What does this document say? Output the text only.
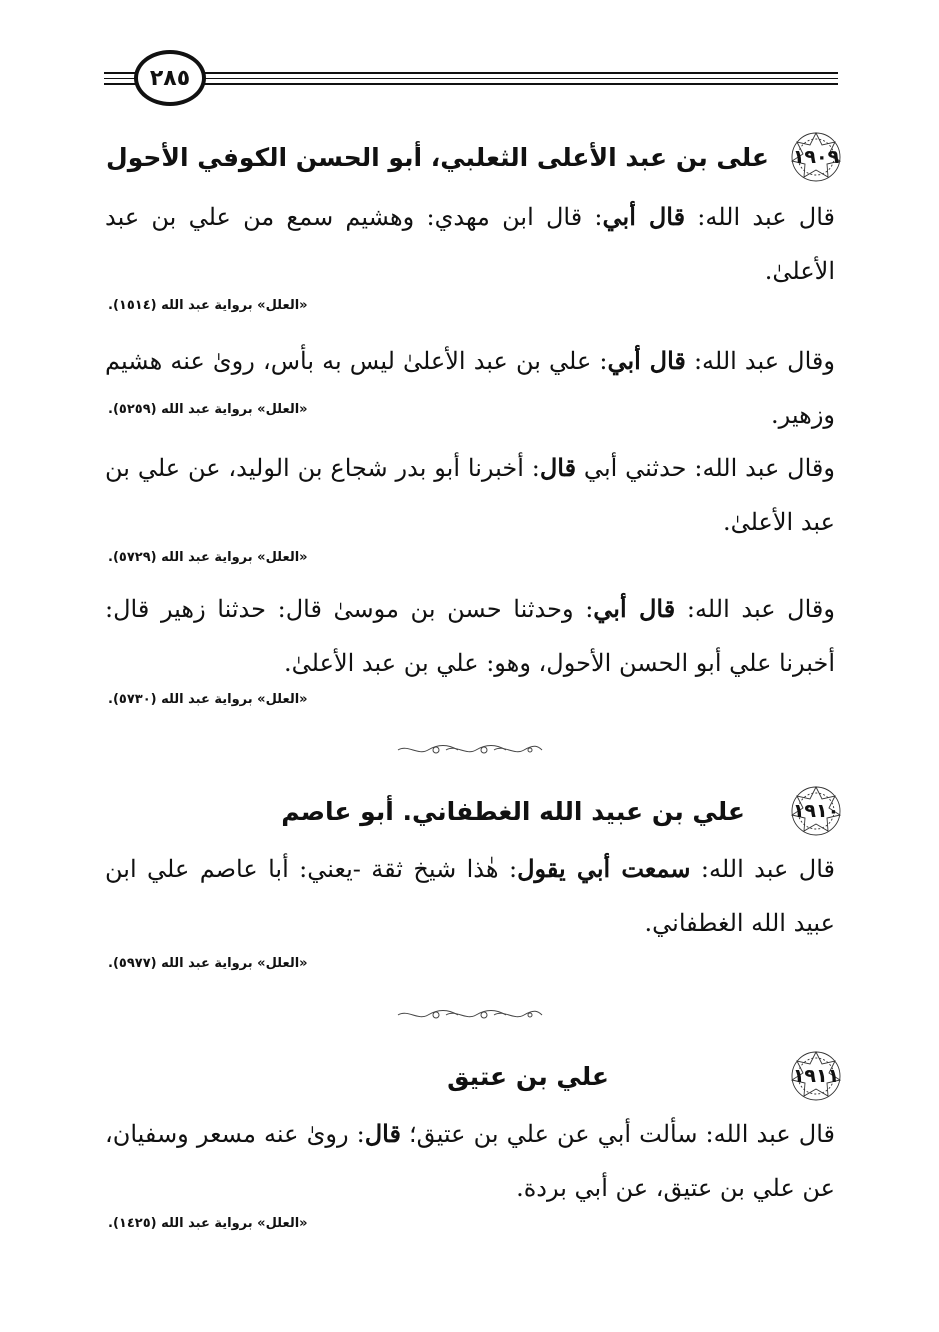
٢٨٥
١٩٠٩
على بن عبد الأعلى الثعلبي، أبو الحسن الكوفي الأحول
قال عبد الله: قال أبي: قال ابن مهدي: وهشيم سمع من علي بن عبد الأعلىٰ.
«العلل» برواية عبد الله (١٥١٤).
وقال عبد الله: قال أبي: علي بن عبد الأعلىٰ ليس به بأس، رویٰ عنه هشيم وزهير.
«العلل» برواية عبد الله (٥٢٥٩).
وقال عبد الله: حدثني أبي قال: أخبرنا أبو بدر شجاع بن الوليد، عن علي بن عبد الأعلىٰ.
«العلل» برواية عبد الله (٥٧٢٩).
وقال عبد الله: قال أبي: وحدثنا حسن بن موسىٰ قال: حدثنا زهير قال: أخبرنا علي أبو الحسن الأحول، وهو: علي بن عبد الأعلىٰ.
«العلل» برواية عبد الله (٥٧٣٠).
١٩١٠
علي بن عبيد الله الغطفاني. أبو عاصم
قال عبد الله: سمعت أبي يقول: هٰذا شيخ ثقة -يعني: أبا عاصم علي ابن عبيد الله الغطفاني.
«العلل» برواية عبد الله (٥٩٧٧).
١٩١١
علي بن عتيق
قال عبد الله: سألت أبي عن علي بن عتيق؛ قال: رویٰ عنه مسعر وسفيان، عن علي بن عتيق، عن أبي بردة.
«العلل» برواية عبد الله (١٤٢٥).
